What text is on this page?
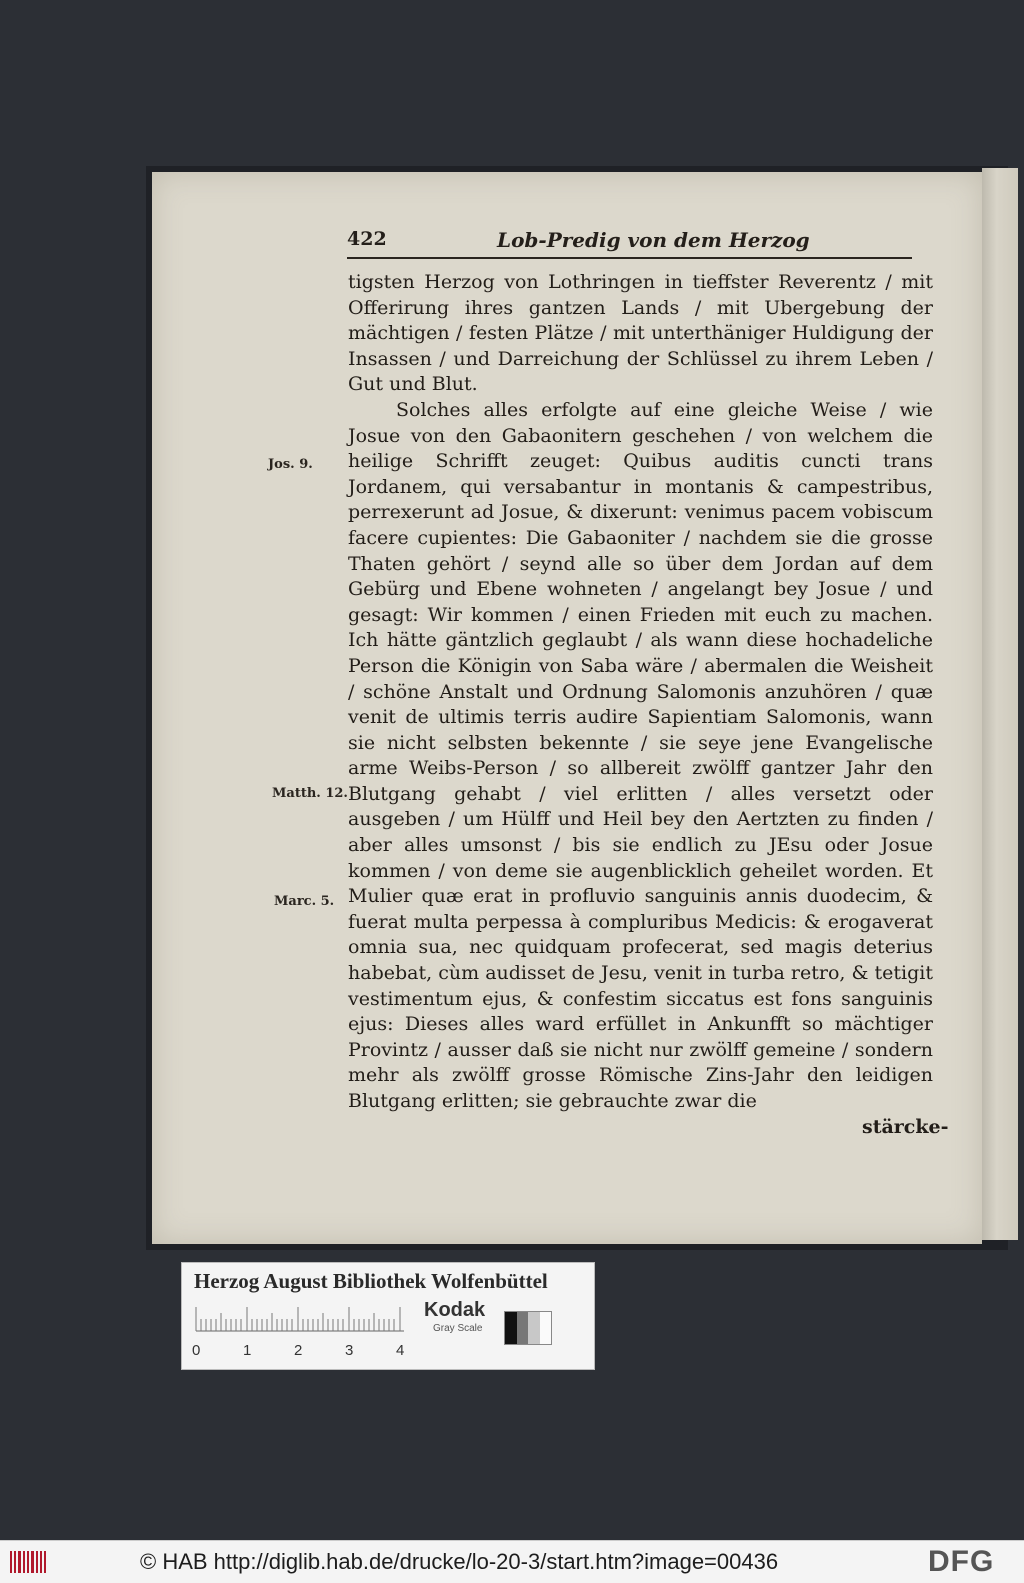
422	Lob-Predig von dem Herzog
Jos. 9.
Matth. 12.
Marc. 5.

tigsten Herzog von Lothringen in tieffster Reverentz / mit Offerirung ihres gantzen Lands / mit Ubergebung der mächtigen / festen Plätze / mit unterthäniger Huldigung der Insassen / und Darreichung der Schlüssel zu ihrem Leben / Gut und Blut.

Solches alles erfolgte auf eine gleiche Weise / wie Josue von den Gabaonitern geschehen / von welchem die heilige Schrifft zeuget: Quibus auditis cuncti trans Jordanem, qui versabantur in montanis & campestribus, perrexerunt ad Josue, & dixerunt: venimus pacem vobiscum facere cupientes: Die Gabaoniter / nachdem sie die grosse Thaten gehört / seynd alle so über dem Jordan auf dem Gebürg und Ebene wohneten / angelangt bey Josue / und gesagt: Wir kommen / einen Frieden mit euch zu machen. Ich hätte gäntzlich geglaubt / als wann diese hochadeliche Person die Königin von Saba wäre / abermalen die Weisheit / schöne Anstalt und Ordnung Salomonis anzuhören / quæ venit de ultimis terris audire Sapientiam Salomonis, wann sie nicht selbsten bekennte / sie seye jene Evangelische arme Weibs-Person / so allbereit zwölff gantzer Jahr den Blutgang gehabt / viel erlitten / alles versetzt oder ausgeben / um Hülff und Heil bey den Aertzten zu finden / aber alles umsonst / bis sie endlich zu JEsu oder Josue kommen / von deme sie augenblicklich geheilet worden. Et Mulier quæ erat in profluvio sanguinis annis duodecim, & fuerat multa perpessa à compluribus Medicis: & erogaverat omnia sua, nec quidquam profecerat, sed magis deterius habebat, cùm audisset de Jesu, venit in turba retro, & tetigit vestimentum ejus, & confestim siccatus est fons sanguinis ejus: Dieses alles ward erfüllet in Ankunfft so mächtiger Provintz / ausser daß sie nicht nur zwölff gemeine / sondern mehr als zwölff grosse Römische Zins-Jahr den leidigen Blutgang erlitten; sie gebrauchte zwar die

stärcke-
Herzog August Bibliothek Wolfenbüttel
0	1	2	3	4
Kodak
Gray Scale
© HAB http://diglib.hab.de/drucke/lo-20-3/start.htm?image=00436	DFG
